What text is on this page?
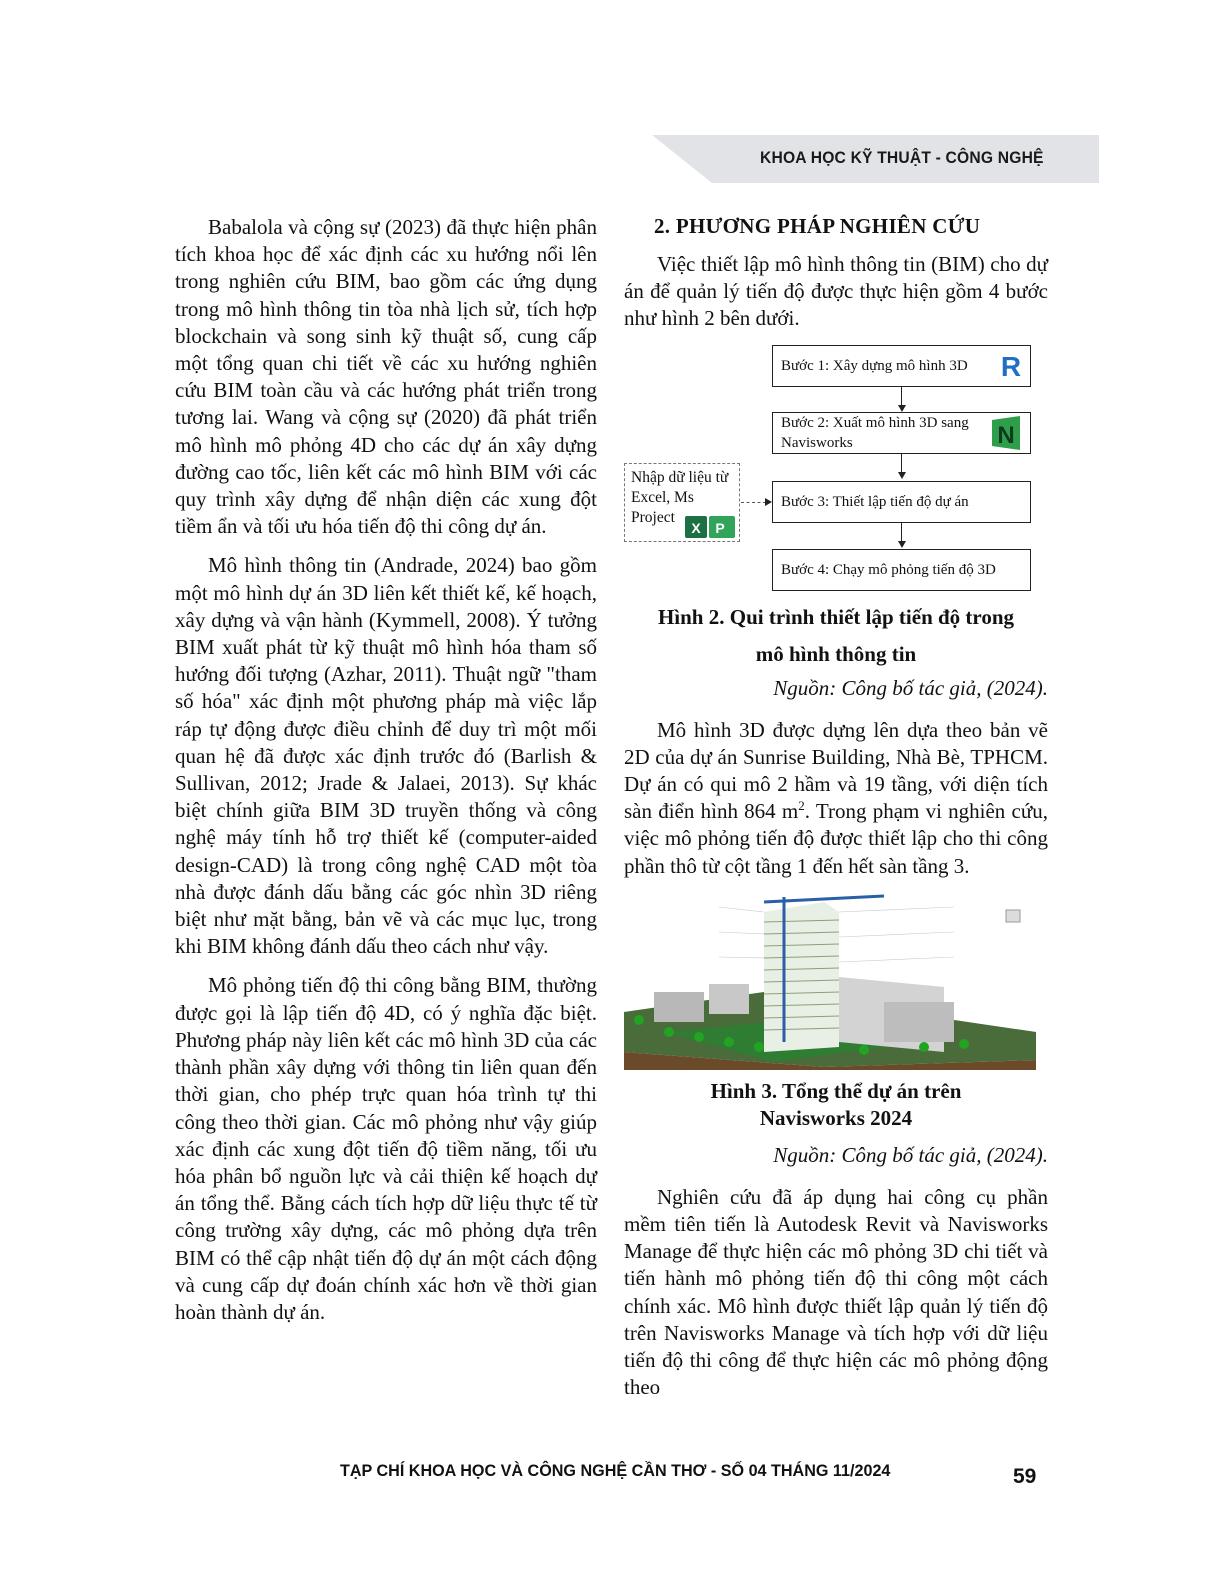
KHOA HỌC KỸ THUẬT - CÔNG NGHỆ

Babalola và cộng sự (2023) đã thực hiện phân tích khoa học để xác định các xu hướng nổi lên trong nghiên cứu BIM, bao gồm các ứng dụng trong mô hình thông tin tòa nhà lịch sử, tích hợp blockchain và song sinh kỹ thuật số, cung cấp một tổng quan chi tiết về các xu hướng nghiên cứu BIM toàn cầu và các hướng phát triển trong tương lai. Wang và cộng sự (2020) đã phát triển mô hình mô phỏng 4D cho các dự án xây dựng đường cao tốc, liên kết các mô hình BIM với các quy trình xây dựng để nhận diện các xung đột tiềm ẩn và tối ưu hóa tiến độ thi công dự án.

Mô hình thông tin (Andrade, 2024) bao gồm một mô hình dự án 3D liên kết thiết kế, kế hoạch, xây dựng và vận hành (Kymmell, 2008). Ý tưởng BIM xuất phát từ kỹ thuật mô hình hóa tham số hướng đối tượng (Azhar, 2011). Thuật ngữ "tham số hóa" xác định một phương pháp mà việc lắp ráp tự động được điều chỉnh để duy trì một mối quan hệ đã được xác định trước đó (Barlish & Sullivan, 2012; Jrade & Jalaei, 2013). Sự khác biệt chính giữa BIM 3D truyền thống và công nghệ máy tính hỗ trợ thiết kế (computer-aided design-CAD) là trong công nghệ CAD một tòa nhà được đánh dấu bằng các góc nhìn 3D riêng biệt như mặt bằng, bản vẽ và các mục lục, trong khi BIM không đánh dấu theo cách như vậy.

Mô phỏng tiến độ thi công bằng BIM, thường được gọi là lập tiến độ 4D, có ý nghĩa đặc biệt. Phương pháp này liên kết các mô hình 3D của các thành phần xây dựng với thông tin liên quan đến thời gian, cho phép trực quan hóa trình tự thi công theo thời gian. Các mô phỏng như vậy giúp xác định các xung đột tiến độ tiềm năng, tối ưu hóa phân bổ nguồn lực và cải thiện kế hoạch dự án tổng thể. Bằng cách tích hợp dữ liệu thực tế từ công trường xây dựng, các mô phỏng dựa trên BIM có thể cập nhật tiến độ dự án một cách động và cung cấp dự đoán chính xác hơn về thời gian hoàn thành dự án.

2. PHƯƠNG PHÁP NGHIÊN CỨU

Việc thiết lập mô hình thông tin (BIM) cho dự án để quản lý tiến độ được thực hiện gồm 4 bước như hình 2 bên dưới.

Bước 1: Xây dựng mô hình 3D R
Bước 2: Xuất mô hình 3D sang Navisworks	N
Nhập dữ liệu từ Excel, Ms Project
X P
Bước 3: Thiết lập tiến độ dự án
Bước 4: Chạy mô phỏng tiến độ 3D

Hình 2. Qui trình thiết lập tiến độ trong

mô hình thông tin

Nguồn: Công bố tác giả, (2024).

Mô hình 3D được dựng lên dựa theo bản vẽ 2D của dự án Sunrise Building, Nhà Bè, TPHCM. Dự án có qui mô 2 hầm và 19 tầng, với diện tích sàn điển hình 864 $m^2$. Trong phạm vi nghiên cứu, việc mô phỏng tiến độ được thiết lập cho thi công phần thô từ cột tầng 1 đến hết sàn tầng 3.

Hình 3. Tổng thể dự án trên

Navisworks 2024

Nguồn: Công bố tác giả, (2024).

Nghiên cứu đã áp dụng hai công cụ phần mềm tiên tiến là Autodesk Revit và Navisworks Manage để thực hiện các mô phỏng 3D chi tiết và tiến hành mô phỏng tiến độ thi công một cách chính xác. Mô hình được thiết lập quản lý tiến độ trên Navisworks Manage và tích hợp với dữ liệu tiến độ thi công để thực hiện các mô phỏng động theo

TẠP CHÍ KHOA HỌC VÀ CÔNG NGHỆ CẦN THƠ - SỐ 04 THÁNG 11/2024	59
